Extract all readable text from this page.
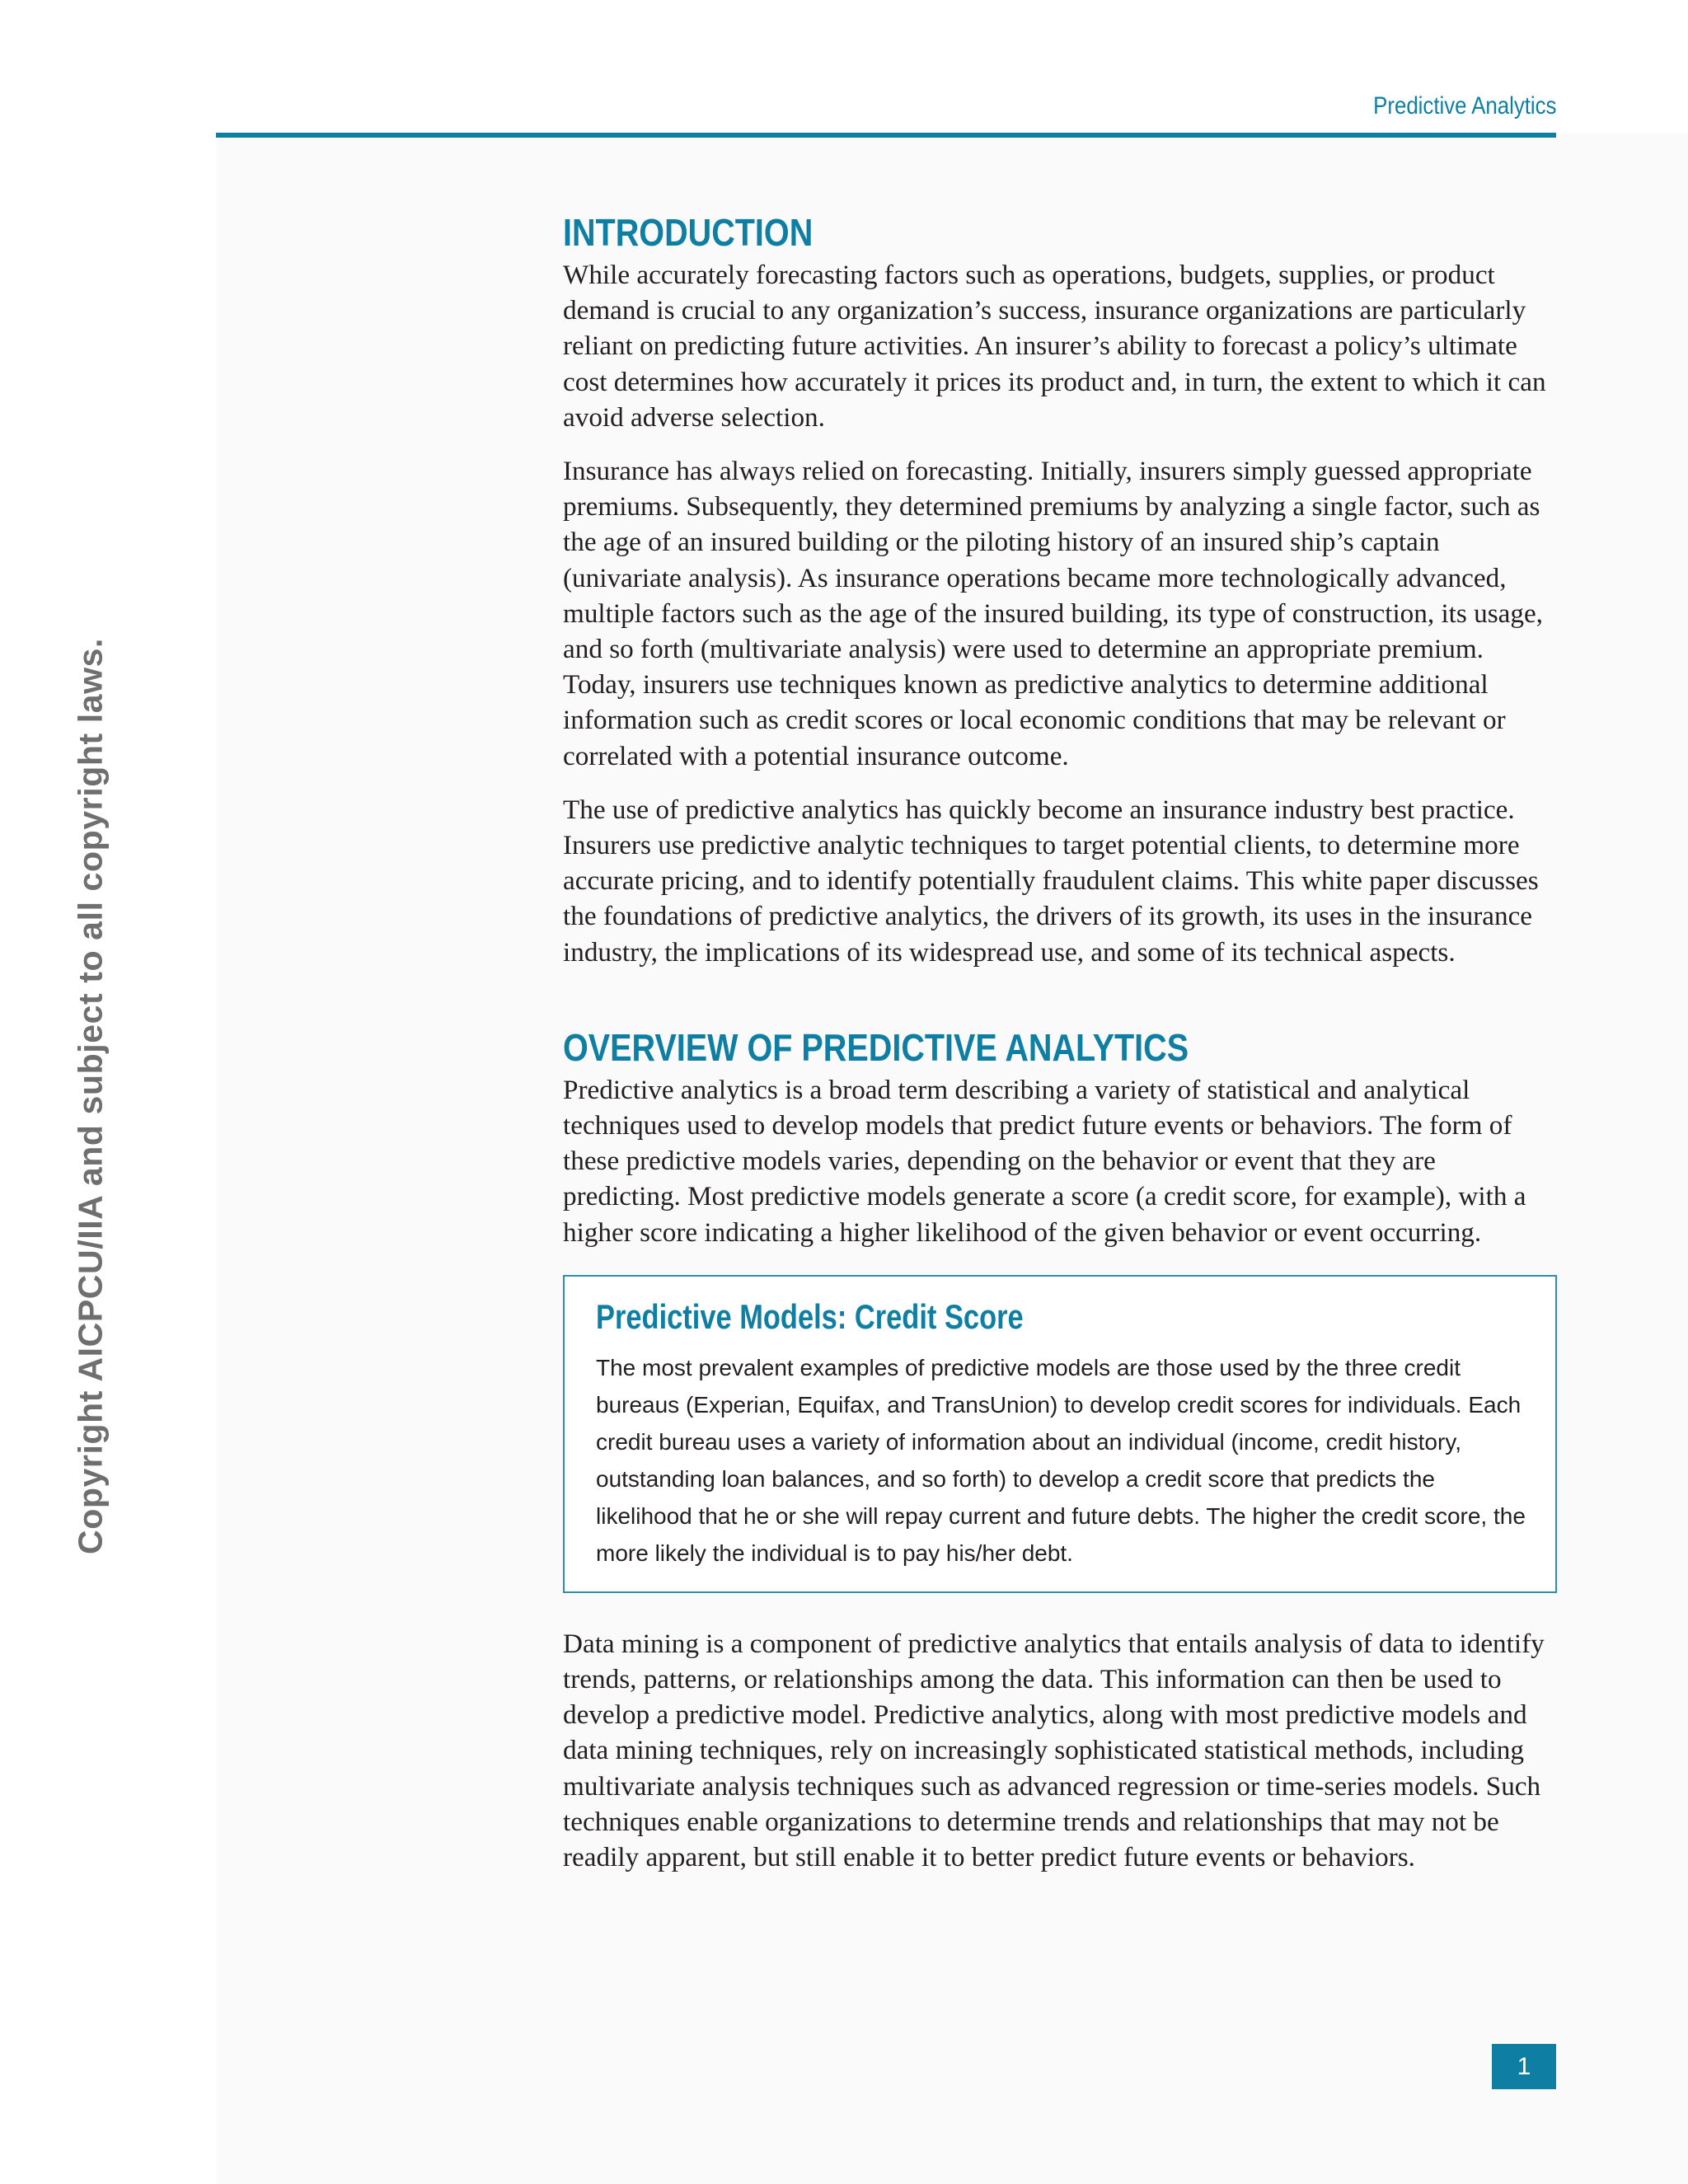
Predictive Analytics
Copyright AICPCU/IIA and subject to all copyright laws.
INTRODUCTION

While accurately forecasting factors such as operations, budgets, supplies, or product demand is crucial to any organization’s success, insurance organizations are particularly reliant on predicting future activities. An insurer’s ability to forecast a policy’s ultimate cost determines how accurately it prices its product and, in turn, the extent to which it can avoid adverse selection.

Insurance has always relied on forecasting. Initially, insurers simply guessed appropriate premiums. Subsequently, they determined premiums by analyzing a single factor, such as the age of an insured building or the piloting history of an insured ship’s captain (univariate analysis). As insurance operations became more technologically advanced, multiple factors such as the age of the insured building, its type of construction, its usage, and so forth (multivariate analysis) were used to determine an appropriate premium. Today, insurers use techniques known as predictive analytics to determine additional information such as credit scores or local economic conditions that may be relevant or correlated with a potential insurance outcome.

The use of predictive analytics has quickly become an insurance industry best practice. Insurers use predictive analytic techniques to target potential clients, to determine more accurate pricing, and to identify potentially fraudulent claims. This white paper discusses the foundations of predictive analytics, the drivers of its growth, its uses in the insurance industry, the implications of its widespread use, and some of its technical aspects.

OVERVIEW OF PREDICTIVE ANALYTICS

Predictive analytics is a broad term describing a variety of statistical and analytical techniques used to develop models that predict future events or behaviors. The form of these predictive models varies, depending on the behavior or event that they are predicting. Most predictive models generate a score (a credit score, for example), with a higher score indicating a higher likelihood of the given behavior or event occurring.

Predictive Models: Credit Score

The most prevalent examples of predictive models are those used by the three credit bureaus (Experian, Equifax, and TransUnion) to develop credit scores for individuals. Each credit bureau uses a variety of information about an individual (income, credit history, outstanding loan balances, and so forth) to develop a credit score that predicts the likelihood that he or she will repay current and future debts. The higher the credit score, the more likely the individual is to pay his/her debt.

Data mining is a component of predictive analytics that entails analysis of data to identify trends, patterns, or relationships among the data. This information can then be used to develop a predictive model. Predictive analytics, along with most predictive models and data mining techniques, rely on increasingly sophisticated statistical methods, including multivariate analysis techniques such as advanced regression or time-series models. Such techniques enable organizations to determine trends and relationships that may not be readily apparent, but still enable it to better predict future events or behaviors.

1
